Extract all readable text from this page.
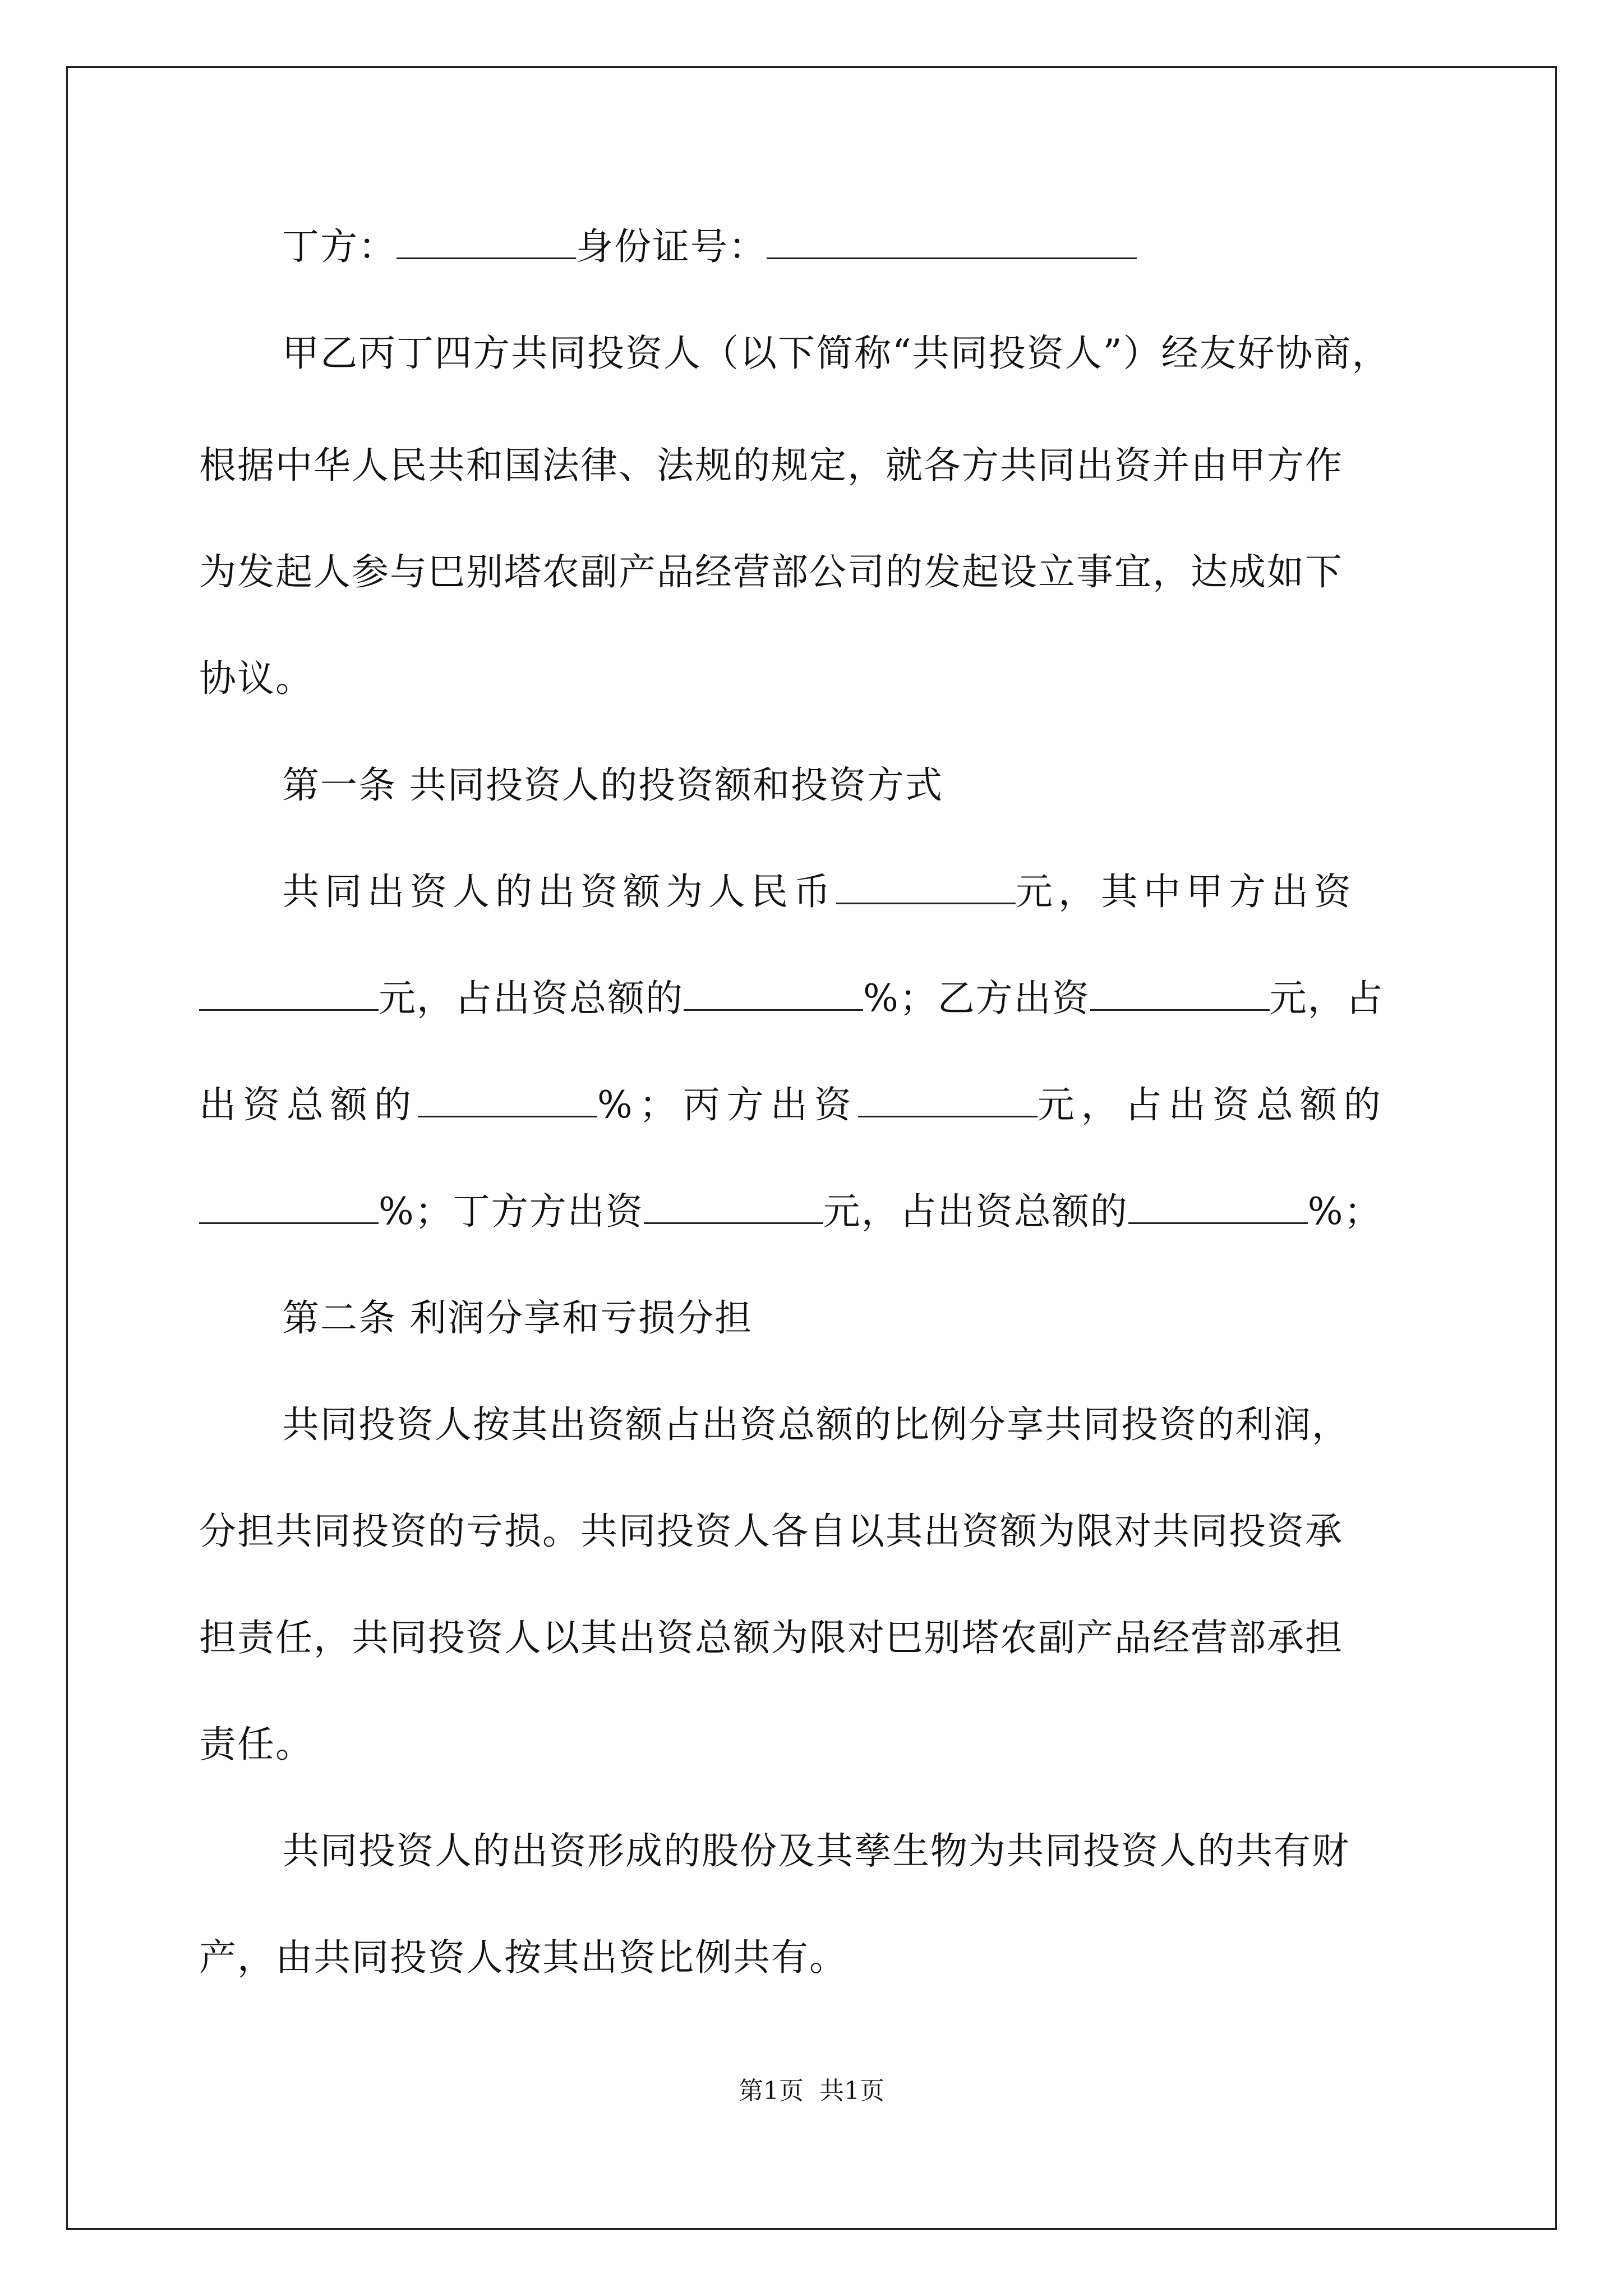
丁方：	身份证号：
甲乙丙丁四方共同投资人（以下简称“共同投资人”）经友好协商，
根据中华人民共和国法律、法规的规定，就各方共同出资并由甲方作
为发起人参与巴别塔农副产品经营部公司的发起设立事宜，达成如下
协议。
第一条 共同投资人的投资额和投资方式
共同出资人的出资额为人民币	元，其中甲方出资
元，占出资总额的	%；乙方出资	元，占
出资总额的	%；丙方出资	元，占出资总额的
%；丁方方出资	元，占出资总额的	%；
第二条 利润分享和亏损分担
共同投资人按其出资额占出资总额的比例分享共同投资的利润，
分担共同投资的亏损。共同投资人各自以其出资额为限对共同投资承
担责任，共同投资人以其出资总额为限对巴别塔农副产品经营部承担
责任。
共同投资人的出资形成的股份及其孳生物为共同投资人的共有财
产，由共同投资人按其出资比例共有。
第1页 共1页
